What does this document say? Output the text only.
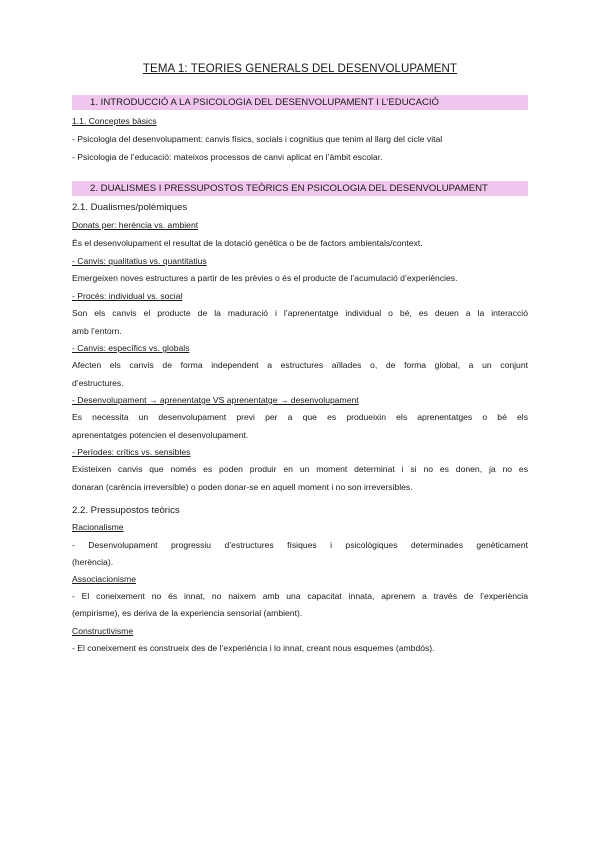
TEMA 1: TEORIES GENERALS DEL DESENVOLUPAMENT
1. INTRODUCCIÓ A LA PSICOLOGIA DEL DESENVOLUPAMENT I L’EDUCACIÓ
1.1. Conceptes bàsics
- Psicologia del desenvolupament: canvis físics, socials i cognitius que tenim al llarg del cicle vital
- Psicologia de l’educació: mateixos processos de canvi aplicat en l’àmbit escolar.
2. DUALISMES I PRESSUPOSTOS TEÒRICS EN PSICOLOGIA DEL DESENVOLUPAMENT
2.1. Dualismes/polèmiques
Donats per: herència vs. ambient
És el desenvolupament el resultat de la dotació genètica o be de factors ambientals/context.
- Canvis: qualitatius vs. quantitatius
Emergeixen noves estructures a partir de les prèvies o és el producte de l’acumulació d’experiències.
- Procés: individual vs. social
Son els canvis el producte de la maduració i l’aprenentatge individual o bé, es deuen a la interacció
amb l’entorn.
- Canvis: específics vs. globals
Afecten els canvis de forma independent a estructures aïllades o, de forma global, a un conjunt
d’estructures.
- Desenvolupament → aprenentatge VS aprenentatge → desenvolupament
Es necessita un desenvolupament previ per a que es produeixin els aprenentatges o bé els
aprenentatges potencien el desenvolupament.
- Períodes: crítics vs. sensibles
Existeixen canvis que només es poden produir en un moment determinat i si no es donen, ja no es
donaran (carència irreversible) o poden donar-se en aquell moment i no son irreversibles.
2.2. Pressupostos teòrics
Racionalisme
- Desenvolupament progressiu d’estructures físiques i psicològiques determinades genèticament
(herència).
Associacionisme
- El coneixement no és innat, no naixem amb una capacitat innata, aprenem a través de l’experiència
(empirisme), es deriva de la experiencia sensorial (ambient).
Constructivisme
- El coneixement es construeix des de l’experiència i lo innat, creant nous esquemes (ambdós).
